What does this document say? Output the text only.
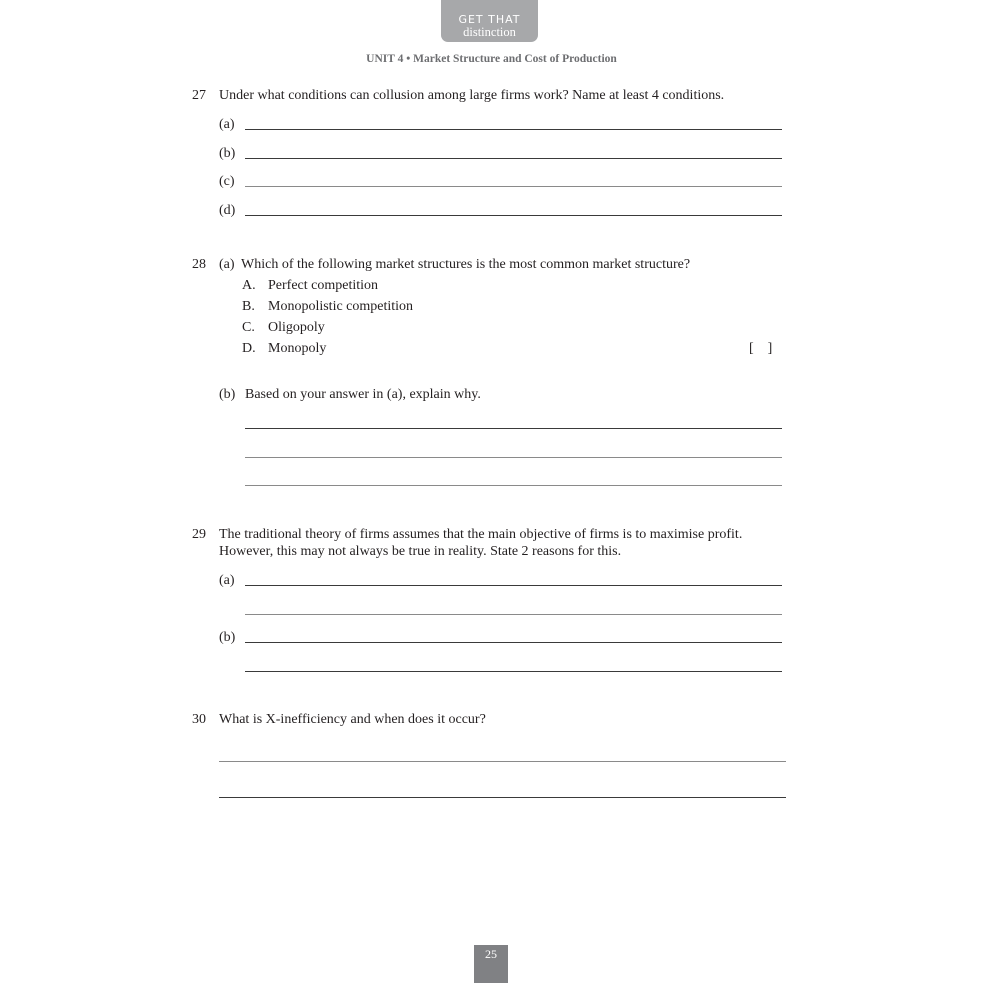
GET THAT
distinction
UNIT 4 • Market Structure and Cost of Production
27 Under what conditions can collusion among large firms work? Name at least 4 conditions.
(a)
(b)
(c)
(d)
28 (a) Which of the following market structures is the most common market structure?
A. Perfect competition
B. Monopolistic competition
C. Oligopoly
D. Monopoly	[    ]
(b) Based on your answer in (a), explain why.
29 The traditional theory of firms assumes that the main objective of firms is to maximise profit.
However, this may not always be true in reality. State 2 reasons for this.
(a)
(b)
30 What is X-inefficiency and when does it occur?
25
